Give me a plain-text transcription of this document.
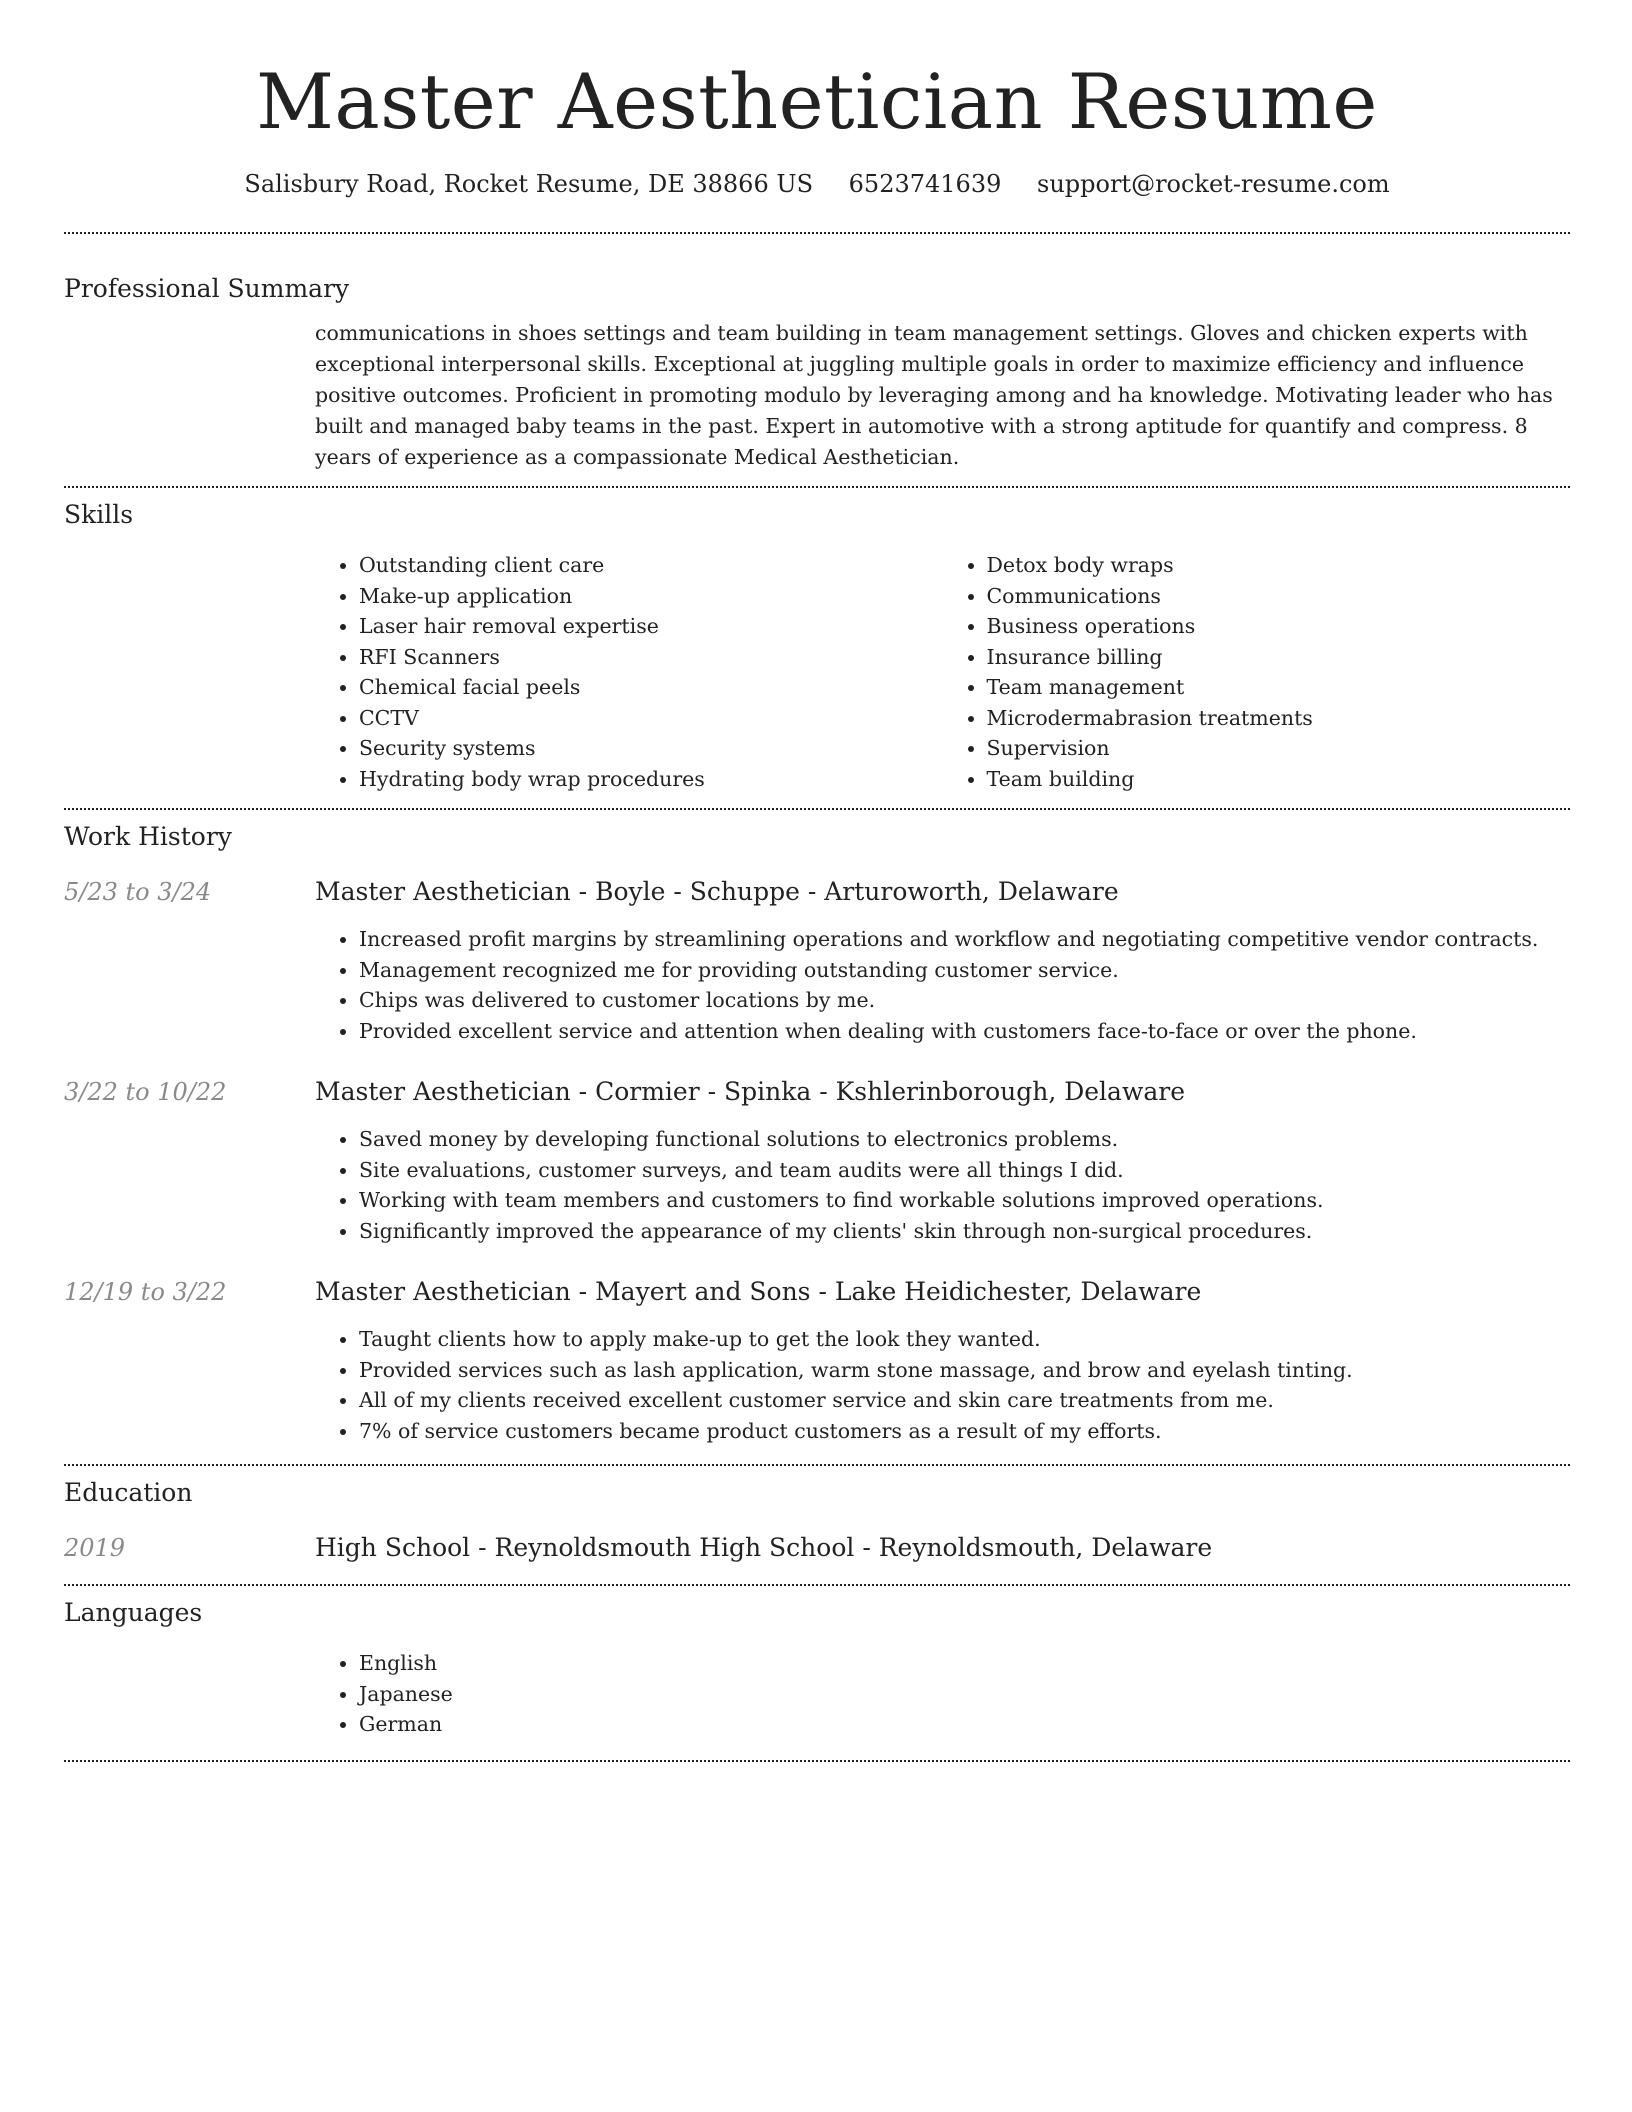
Master Aesthetician Resume
Salisbury Road, Rocket Resume, DE 38866 US 6523741639 support@rocket-resume.com
Professional Summary

communications in shoes settings and team building in team management settings. Gloves and chicken experts with exceptional interpersonal skills. Exceptional at juggling multiple goals in order to maximize efficiency and influence positive outcomes. Proficient in promoting modulo by leveraging among and ha knowledge. Motivating leader who has built and managed baby teams in the past. Expert in automotive with a strong aptitude for quantify and compress. 8 years of experience as a compassionate Medical Aesthetician.

Skills
• Outstanding client care
• Make-up application
• Laser hair removal expertise
• RFI Scanners
• Chemical facial peels
• CCTV
• Security systems
• Hydrating body wrap procedures
• Detox body wraps
• Communications
• Business operations
• Insurance billing
• Team management
• Microdermabrasion treatments
• Supervision
• Team building
Work History
5/23 to 3/24	Master Aesthetician - Boyle - Schuppe - Arturoworth, Delaware
• Increased profit margins by streamlining operations and workflow and negotiating competitive vendor contracts.
• Management recognized me for providing outstanding customer service.
• Chips was delivered to customer locations by me.
• Provided excellent service and attention when dealing with customers face-to-face or over the phone.
3/22 to 10/22	Master Aesthetician - Cormier - Spinka - Kshlerinborough, Delaware
• Saved money by developing functional solutions to electronics problems.
• Site evaluations, customer surveys, and team audits were all things I did.
• Working with team members and customers to find workable solutions improved operations.
• Significantly improved the appearance of my clients' skin through non-surgical procedures.
12/19 to 3/22	Master Aesthetician - Mayert and Sons - Lake Heidichester, Delaware
• Taught clients how to apply make-up to get the look they wanted.
• Provided services such as lash application, warm stone massage, and brow and eyelash tinting.
• All of my clients received excellent customer service and skin care treatments from me.
• 7% of service customers became product customers as a result of my efforts.
Education
2019	High School - Reynoldsmouth High School - Reynoldsmouth, Delaware
Languages
• English
• Japanese
• German
